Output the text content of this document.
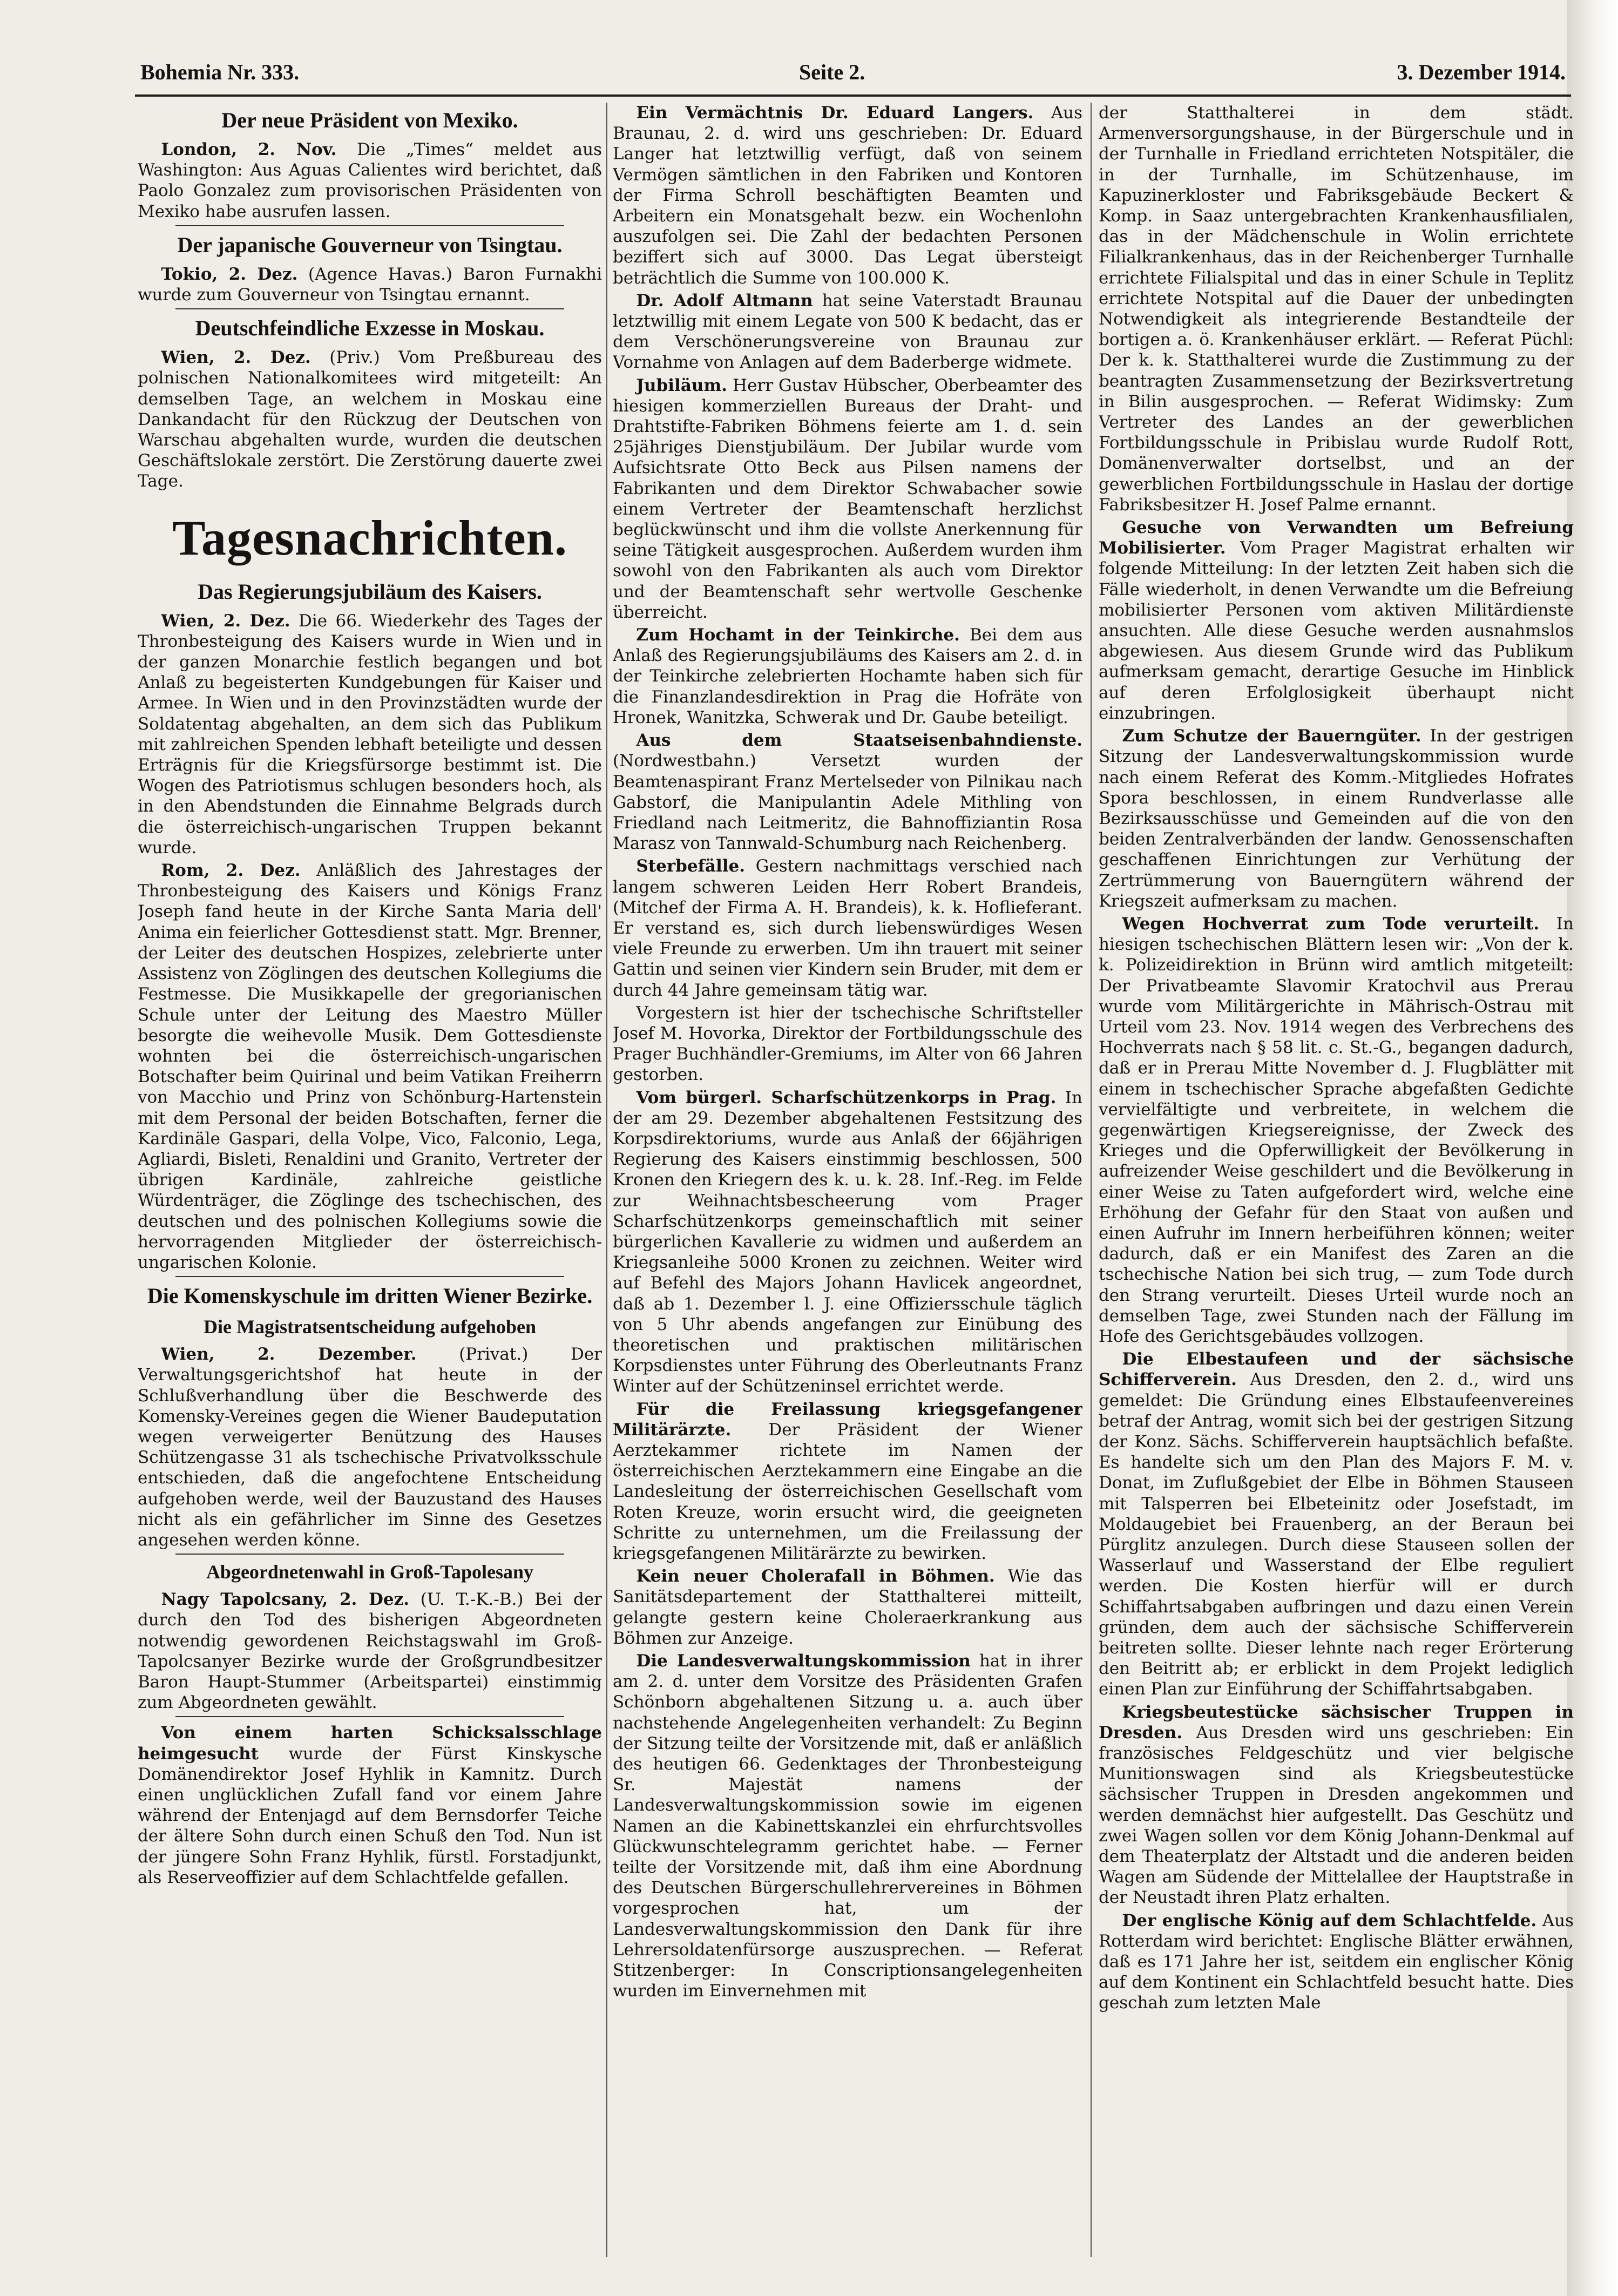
Bohemia Nr. 333.	Seite 2.	3. Dezember 1914.
Der neue Präsident von Mexiko.

London, 2. Nov. Die „Times“ meldet aus Washington: Aus Aguas Calientes wird berichtet, daß Paolo Gonzalez zum provisorischen Präsidenten von Mexiko habe ausrufen lassen.

Der japanische Gouverneur von Tsingtau.

Tokio, 2. Dez. (Agence Havas.) Baron Furnakhi wurde zum Gouverneur von Tsingtau ernannt.

Deutschfeindliche Exzesse in Moskau.

Wien, 2. Dez. (Priv.) Vom Preßbureau des polnischen Nationalkomitees wird mitgeteilt: An demselben Tage, an welchem in Moskau eine Dankandacht für den Rückzug der Deutschen von Warschau abgehalten wurde, wurden die deutschen Geschäftslokale zerstört. Die Zerstörung dauerte zwei Tage.

Tagesnachrichten.
Das Regierungsjubiläum des Kaisers.

Wien, 2. Dez. Die 66. Wiederkehr des Tages der Thronbesteigung des Kaisers wurde in Wien und in der ganzen Monarchie festlich begangen und bot Anlaß zu begeisterten Kundgebungen für Kaiser und Armee. In Wien und in den Provinzstädten wurde der Soldatentag abgehalten, an dem sich das Publikum mit zahlreichen Spenden lebhaft beteiligte und dessen Erträgnis für die Kriegsfürsorge bestimmt ist. Die Wogen des Patriotismus schlugen besonders hoch, als in den Abendstunden die Einnahme Belgrads durch die österreichisch-ungarischen Truppen bekannt wurde.

Rom, 2. Dez. Anläßlich des Jahrestages der Thronbesteigung des Kaisers und Königs Franz Joseph fand heute in der Kirche Santa Maria dell' Anima ein feierlicher Gottesdienst statt. Mgr. Brenner, der Leiter des deutschen Hospizes, zelebrierte unter Assistenz von Zöglingen des deutschen Kollegiums die Festmesse. Die Musikkapelle der gregorianischen Schule unter der Leitung des Maestro Müller besorgte die weihevolle Musik. Dem Gottesdienste wohnten bei die österreichisch-ungarischen Botschafter beim Quirinal und beim Vatikan Freiherrn von Macchio und Prinz von Schönburg-Hartenstein mit dem Personal der beiden Botschaften, ferner die Kardinäle Gaspari, della Volpe, Vico, Falconio, Lega, Agliardi, Bisleti, Renaldini und Granito, Vertreter der übrigen Kardinäle, zahlreiche geistliche Würdenträger, die Zöglinge des tschechischen, des deutschen und des polnischen Kollegiums sowie die hervorragenden Mitglieder der österreichisch-ungarischen Kolonie.

Die Komenskyschule im dritten Wiener Bezirke.
Die Magistratsentscheidung aufgehoben

Wien, 2. Dezember.	(Privat.) Der Verwaltungsgerichtshof hat heute in der Schlußverhandlung über die Beschwerde des Komensky-Vereines gegen die Wiener Baudeputation wegen verweigerter Benützung des Hauses Schützengasse 31 als tschechische Privatvolksschule entschieden, daß die angefochtene Entscheidung aufgehoben werde, weil der Bauzustand des Hauses nicht als ein gefährlicher im Sinne des Gesetzes angesehen werden könne.

Abgeordnetenwahl in Groß-Tapolesany

Nagy Tapolcsany, 2. Dez. (U. T.-K.-B.) Bei der durch den Tod des bisherigen Abgeordneten notwendig gewordenen Reichstagswahl im Groß-Tapolcsanyer Bezirke wurde der Großgrundbesitzer Baron Haupt-Stummer (Arbeitspartei) einstimmig zum Abgeordneten gewählt.

Von einem harten Schicksalsschlage heimgesucht wurde der Fürst Kinskysche Domänendirektor Josef Hyhlik in Kamnitz. Durch einen unglücklichen Zufall fand vor einem Jahre während der Entenjagd auf dem Bernsdorfer Teiche der ältere Sohn durch einen Schuß den Tod. Nun ist der jüngere Sohn Franz Hyhlik, fürstl. Forstadjunkt, als Reserveoffizier auf dem Schlachtfelde gefallen.

Ein Vermächtnis Dr. Eduard Langers. Aus Braunau, 2. d. wird uns geschrieben: Dr. Eduard Langer hat letztwillig verfügt, daß von seinem Vermögen sämtlichen in den Fabriken und Kontoren der Firma Schroll beschäftigten Beamten und Arbeitern ein Monatsgehalt bezw. ein Wochenlohn auszufolgen sei. Die Zahl der bedachten Personen beziffert sich auf 3000. Das Legat übersteigt beträchtlich die Summe von 100.000 K.

Dr. Adolf Altmann hat seine Vaterstadt Braunau letztwillig mit einem Legate von 500 K bedacht, das er dem Verschönerungsvereine von Braunau zur Vornahme von Anlagen auf dem Baderberge widmete.

Jubiläum. Herr Gustav Hübscher, Oberbeamter des hiesigen kommerziellen Bureaus der Draht- und Drahtstifte-Fabriken Böhmens feierte am 1. d. sein 25jähriges Dienstjubiläum. Der Jubilar wurde vom Aufsichtsrate Otto Beck aus Pilsen namens der Fabrikanten und dem Direktor Schwabacher sowie einem Vertreter der Beamtenschaft herzlichst beglückwünscht und ihm die vollste Anerkennung für seine Tätigkeit ausgesprochen. Außerdem wurden ihm sowohl von den Fabrikanten als auch vom Direktor und der Beamtenschaft sehr wertvolle Geschenke überreicht.

Zum Hochamt in der Teinkirche. Bei dem aus Anlaß des Regierungsjubiläums des Kaisers am 2. d. in der Teinkirche zelebrierten Hochamte haben sich für die Finanzlandesdirektion in Prag die Hofräte von Hronek, Wanitzka, Schwerak und Dr. Gaube beteiligt.

Aus dem Staatseisenbahndienste. (Nordwestbahn.) Versetzt wurden der Beamtenaspirant Franz Mertelseder von Pilnikau nach Gabstorf, die Manipulantin Adele Mithling von Friedland nach Leitmeritz, die Bahnoffiziantin Rosa Marasz von Tannwald-Schumburg nach Reichenberg.

Sterbefälle. Gestern nachmittags verschied nach langem schweren Leiden Herr Robert Brandeis, (Mitchef der Firma A. H. Brandeis), k. k. Hoflieferant. Er verstand es, sich durch liebenswürdiges Wesen viele Freunde zu erwerben. Um ihn trauert mit seiner Gattin und seinen vier Kindern sein Bruder, mit dem er durch 44 Jahre gemeinsam tätig war.

Vorgestern ist hier der tschechische Schriftsteller Josef M. Hovorka, Direktor der Fortbildungsschule des Prager Buchhändler-Gremiums, im Alter von 66 Jahren gestorben.

Vom bürgerl. Scharfschützenkorps in Prag. In der am 29. Dezember abgehaltenen Festsitzung des Korpsdirektoriums, wurde aus Anlaß der 66jährigen Regierung des Kaisers einstimmig beschlossen, 500 Kronen den Kriegern des k. u. k. 28. Inf.-Reg. im Felde zur Weihnachtsbescheerung vom Prager Scharfschützenkorps gemeinschaftlich mit seiner bürgerlichen Kavallerie zu widmen und außerdem an Kriegsanleihe 5000 Kronen zu zeichnen. Weiter wird auf Befehl des Majors Johann Havlicek angeordnet, daß ab 1. Dezember l. J. eine Offiziersschule täglich von 5 Uhr abends angefangen zur Einübung des theoretischen und praktischen militärischen Korpsdienstes unter Führung des Oberleutnants Franz Winter auf der Schützeninsel errichtet werde.

Für die Freilassung kriegsgefangener Militärärzte. Der Präsident der Wiener Aerztekammer richtete im Namen der österreichischen Aerztekammern eine Eingabe an die Landesleitung der österreichischen Gesellschaft vom Roten Kreuze, worin ersucht wird, die geeigneten Schritte zu unternehmen, um die Freilassung der kriegsgefangenen Militärärzte zu bewirken.

Kein neuer Cholerafall in Böhmen. Wie das Sanitätsdepartement der Statthalterei mitteilt, gelangte gestern keine Choleraerkrankung aus Böhmen zur Anzeige.

Die Landesverwaltungskommission hat in ihrer am 2. d. unter dem Vorsitze des Präsidenten Grafen Schönborn abgehaltenen Sitzung u. a. auch über nachstehende Angelegenheiten verhandelt: Zu Beginn der Sitzung teilte der Vorsitzende mit, daß er anläßlich des heutigen 66. Gedenktages der Thronbesteigung Sr. Majestät namens der Landesverwaltungskommission sowie im eigenen Namen an die Kabinettskanzlei ein ehrfurchtsvolles Glückwunschtelegramm gerichtet habe. — Ferner teilte der Vorsitzende mit, daß ihm eine Abordnung des Deutschen Bürgerschullehrervereines in Böhmen vorgesprochen hat, um der Landesverwaltungskommission den Dank für ihre Lehrersoldatenfürsorge auszusprechen. — Referat Stitzenberger: In Conscriptionsangelegenheiten wurden im Einvernehmen mit

der Statthalterei in dem städt. Armenversorgungshause, in der Bürgerschule und in der Turnhalle in Friedland errichteten Notspitäler, die in der Turnhalle, im Schützenhause, im Kapuzinerkloster und Fabriksgebäude Beckert & Komp. in Saaz untergebrachten Krankenhausfilialen, das in der Mädchenschule in Wolin errichtete Filialkrankenhaus, das in der Reichenberger Turnhalle errichtete Filialspital und das in einer Schule in Teplitz errichtete Notspital auf die Dauer der unbedingten Notwendigkeit als integrierende Bestandteile der bortigen a. ö. Krankenhäuser erklärt. — Referat Püchl: Der k. k. Statthalterei wurde die Zustimmung zu der beantragten Zusammensetzung der Bezirksvertretung in Bilin ausgesprochen. — Referat Widimsky: Zum Vertreter des Landes an der gewerblichen Fortbildungsschule in Pribislau wurde Rudolf Rott, Domänenverwalter dortselbst, und an der gewerblichen Fortbildungsschule in Haslau der dortige Fabriksbesitzer H. Josef Palme ernannt.

Gesuche von Verwandten um Befreiung Mobilisierter. Vom Prager Magistrat erhalten wir folgende Mitteilung: In der letzten Zeit haben sich die Fälle wiederholt, in denen Verwandte um die Befreiung mobilisierter Personen vom aktiven Militärdienste ansuchten. Alle diese Gesuche werden ausnahmslos abgewiesen. Aus diesem Grunde wird das Publikum aufmerksam gemacht, derartige Gesuche im Hinblick auf deren Erfolglosigkeit überhaupt nicht einzubringen.

Zum Schutze der Bauerngüter. In der gestrigen Sitzung der Landesverwaltungskommission wurde nach einem Referat des Komm.-Mitgliedes Hofrates Spora beschlossen, in einem Rundverlasse alle Bezirksausschüsse und Gemeinden auf die von den beiden Zentralverbänden der landw. Genossenschaften geschaffenen Einrichtungen zur Verhütung der Zertrümmerung von Bauerngütern während der Kriegszeit aufmerksam zu machen.

Wegen Hochverrat zum Tode verurteilt. In hiesigen tschechischen Blättern lesen wir: „Von der k. k. Polizeidirektion in Brünn wird amtlich mitgeteilt: Der Privatbeamte Slavomir Kratochvil aus Prerau wurde vom Militärgerichte in Mährisch-Ostrau mit Urteil vom 23. Nov. 1914 wegen des Verbrechens des Hochverrats nach § 58 lit. c. St.-G., begangen dadurch, daß er in Prerau Mitte November d. J. Flugblätter mit einem in tschechischer Sprache abgefaßten Gedichte vervielfältigte und verbreitete, in welchem die gegenwärtigen Kriegsereignisse, der Zweck des Krieges und die Opferwilligkeit der Bevölkerung in aufreizender Weise geschildert und die Bevölkerung in einer Weise zu Taten aufgefordert wird, welche eine Erhöhung der Gefahr für den Staat von außen und einen Aufruhr im Innern herbeiführen können; weiter dadurch, daß er ein Manifest des Zaren an die tschechische Nation bei sich trug, — zum Tode durch den Strang verurteilt. Dieses Urteil wurde noch an demselben Tage, zwei Stunden nach der Fällung im Hofe des Gerichtsgebäudes vollzogen.

Die Elbestaufeen und der sächsische Schifferverein. Aus Dresden, den 2. d., wird uns gemeldet: Die Gründung eines Elbstaufeenvereines betraf der Antrag, womit sich bei der gestrigen Sitzung der Konz. Sächs. Schifferverein hauptsächlich befaßte. Es handelte sich um den Plan des Majors F. M. v. Donat, im Zuflußgebiet der Elbe in Böhmen Stauseen mit Talsperren bei Elbeteinitz oder Josefstadt, im Moldaugebiet bei Frauenberg, an der Beraun bei Pürglitz anzulegen. Durch diese Stauseen sollen der Wasserlauf und Wasserstand der Elbe reguliert werden. Die Kosten hierfür will er durch Schiffahrtsabgaben aufbringen und dazu einen Verein gründen, dem auch der sächsische Schifferverein beitreten sollte. Dieser lehnte nach reger Erörterung den Beitritt ab; er erblickt in dem Projekt lediglich einen Plan zur Einführung der Schiffahrtsabgaben.

Kriegsbeutestücke sächsischer Truppen in Dresden. Aus Dresden wird uns geschrieben: Ein französisches Feldgeschütz und vier belgische Munitionswagen sind als Kriegsbeutestücke sächsischer Truppen in Dresden angekommen und werden demnächst hier aufgestellt. Das Geschütz und zwei Wagen sollen vor dem König Johann-Denkmal auf dem Theaterplatz der Altstadt und die anderen beiden Wagen am Südende der Mittelallee der Hauptstraße in der Neustadt ihren Platz erhalten.

Der englische König auf dem Schlachtfelde. Aus Rotterdam wird berichtet: Englische Blätter erwähnen, daß es 171 Jahre her ist, seitdem ein englischer König auf dem Kontinent ein Schlachtfeld besucht hatte. Dies geschah zum letzten Male
